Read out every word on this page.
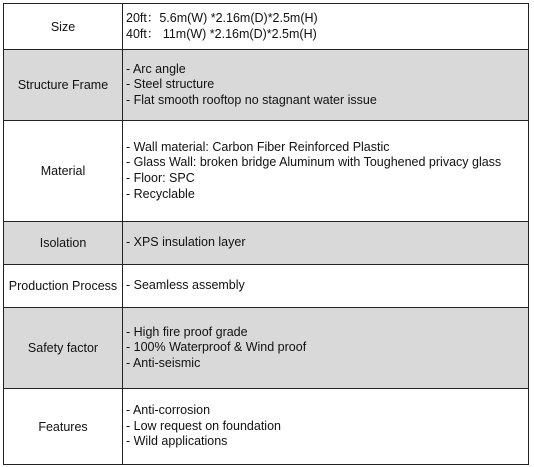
Size	20ft：5.6m(W) *2.16m(D)*2.5m(H)
40ft： 11m(W) *2.16m(D)*2.5m(H)

Structure Frame	- Arc angle
- Steel structure
- Flat smooth rooftop no stagnant water issue

Material	- Wall material: Carbon Fiber Reinforced Plastic
- Glass Wall: broken bridge Aluminum with Toughened privacy glass
- Floor: SPC
- Recyclable

Isolation	- XPS insulation layer

Production Process	- Seamless assembly

Safety factor	- High fire proof grade
- 100% Waterproof & Wind proof
- Anti-seismic

Features	- Anti-corrosion
- Low request on foundation
- Wild applications
